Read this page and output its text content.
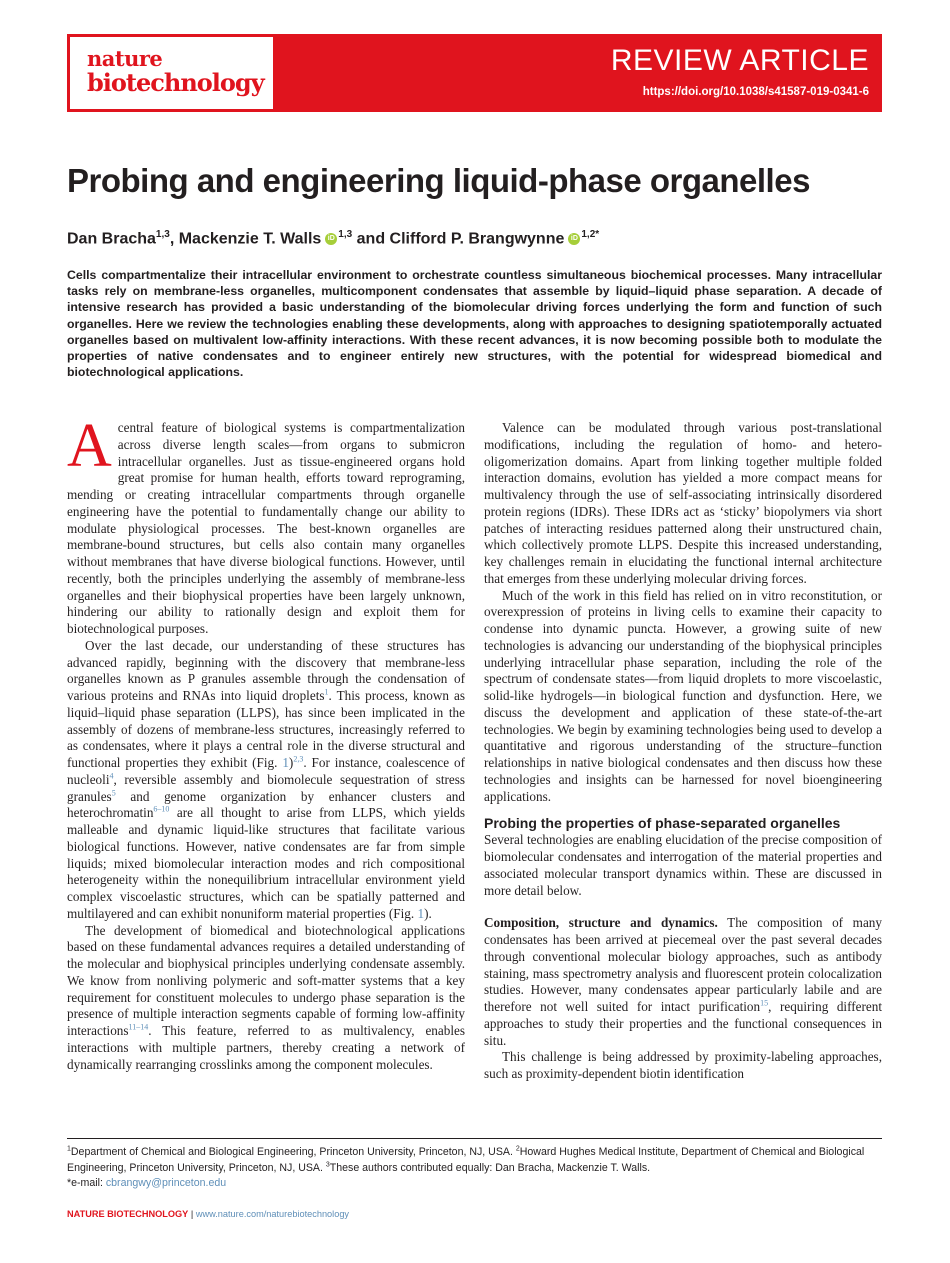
nature
biotechnology
REVIEW ARTICLE
https://doi.org/10.1038/s41587-019-0341-6
Probing and engineering liquid-phase organelles
Dan Bracha$^{1,3}$, Mackenzie T. Walls iD $^{1,3}$ and Clifford P. Brangwynne iD $^{1,2*}$

Cells compartmentalize their intracellular environment to orchestrate countless simultaneous biochemical processes. Many intracellular tasks rely on membrane-less organelles, multicomponent condensates that assemble by liquid–liquid phase separation. A decade of intensive research has provided a basic understanding of the biomolecular driving forces underlying the form and function of such organelles. Here we review the technologies enabling these developments, along with approaches to designing spatiotemporally actuated organelles based on multivalent low-affinity interactions. With these recent advances, it is now becoming possible both to modulate the properties of native condensates and to engineer entirely new structures, with the potential for widespread biomedical and biotechnological applications.

Acentral feature of biological systems is compartmentalization across diverse length scales—from organs to submicron intracellular organelles. Just as tissue-engineered organs hold great promise for human health, efforts toward reprograming, mending or creating intracellular compartments through organelle engineering have the potential to fundamentally change our ability to modulate physiological processes. The best-known organelles are membrane-bound structures, but cells also contain many organelles without membranes that have diverse biological functions. However, until recently, both the principles underlying the assembly of membrane-less organelles and their biophysical properties have been largely unknown, hindering our ability to rationally design and exploit them for biotechnological purposes.

Over the last decade, our understanding of these structures has advanced rapidly, beginning with the discovery that membrane-less organelles known as P granules assemble through the condensation of various proteins and RNAs into liquid droplets$^1$. This process, known as liquid–liquid phase separation (LLPS), has since been implicated in the assembly of dozens of membrane-less structures, increasingly referred to as condensates, where it plays a central role in the diverse structural and functional properties they exhibit (Fig. 1)$^{2,3}$. For instance, coalescence of nucleoli$^4$, reversible assembly and biomolecule sequestration of stress granules$^5$ and genome organization by enhancer clusters and heterochromatin$^{6-10}$ are all thought to arise from LLPS, which yields malleable and dynamic liquid-like structures that facilitate various biological functions. However, native condensates are far from simple liquids; mixed biomolecular interaction modes and rich compositional heterogeneity within the nonequilibrium intracellular environment yield complex viscoelastic structures, which can be spatially patterned and multilayered and can exhibit nonuniform material properties (Fig. 1).

The development of biomedical and biotechnological applications based on these fundamental advances requires a detailed understanding of the molecular and biophysical principles underlying condensate assembly. We know from nonliving polymeric and soft-matter systems that a key requirement for constituent molecules to undergo phase separation is the presence of multiple interaction segments capable of forming low-affinity interactions$^{11-14}$. This feature, referred to as multivalency, enables interactions with multiple partners, thereby creating a network of dynamically rearranging crosslinks among the component molecules.

Valence can be modulated through various post-translational modifications, including the regulation of homo- and hetero-oligomerization domains. Apart from linking together multiple folded interaction domains, evolution has yielded a more compact means for multivalency through the use of self-associating intrinsically disordered protein regions (IDRs). These IDRs act as ‘sticky’ biopolymers via short patches of interacting residues patterned along their unstructured chain, which collectively promote LLPS. Despite this increased understanding, key challenges remain in elucidating the functional internal architecture that emerges from these underlying molecular driving forces.

Much of the work in this field has relied on in vitro reconstitution, or overexpression of proteins in living cells to examine their capacity to condense into dynamic puncta. However, a growing suite of new technologies is advancing our understanding of the biophysical principles underlying intracellular phase separation, including the role of the spectrum of condensate states—from liquid droplets to more viscoelastic, solid-like hydrogels—in biological function and dysfunction. Here, we discuss the development and application of these state-of-the-art technologies. We begin by examining technologies being used to develop a quantitative and rigorous understanding of the structure–function relationships in native biological condensates and then discuss how these technologies and insights can be harnessed for novel bioengineering applications.

Probing the properties of phase-separated organelles

Several technologies are enabling elucidation of the precise composition of biomolecular condensates and interrogation of the material properties and associated molecular transport dynamics within. These are discussed in more detail below.

Composition, structure and dynamics. The composition of many condensates has been arrived at piecemeal over the past several decades through conventional molecular biology approaches, such as antibody staining, mass spectrometry analysis and fluorescent protein colocalization studies. However, many condensates appear particularly labile and are therefore not well suited for intact purification$^{15}$, requiring different approaches to study their properties and the functional consequences in situ.

This challenge is being addressed by proximity-labeling approaches, such as proximity-dependent biotin identification

$^1$Department of Chemical and Biological Engineering, Princeton University, Princeton, NJ, USA. $^2$Howard Hughes Medical Institute, Department of Chemical and Biological Engineering, Princeton University, Princeton, NJ, USA. $^3$These authors contributed equally: Dan Bracha, Mackenzie T. Walls.
*e-mail: cbrangwy@princeton.edu
NATURE BIOTECHNOLOGY | www.nature.com/naturebiotechnology
